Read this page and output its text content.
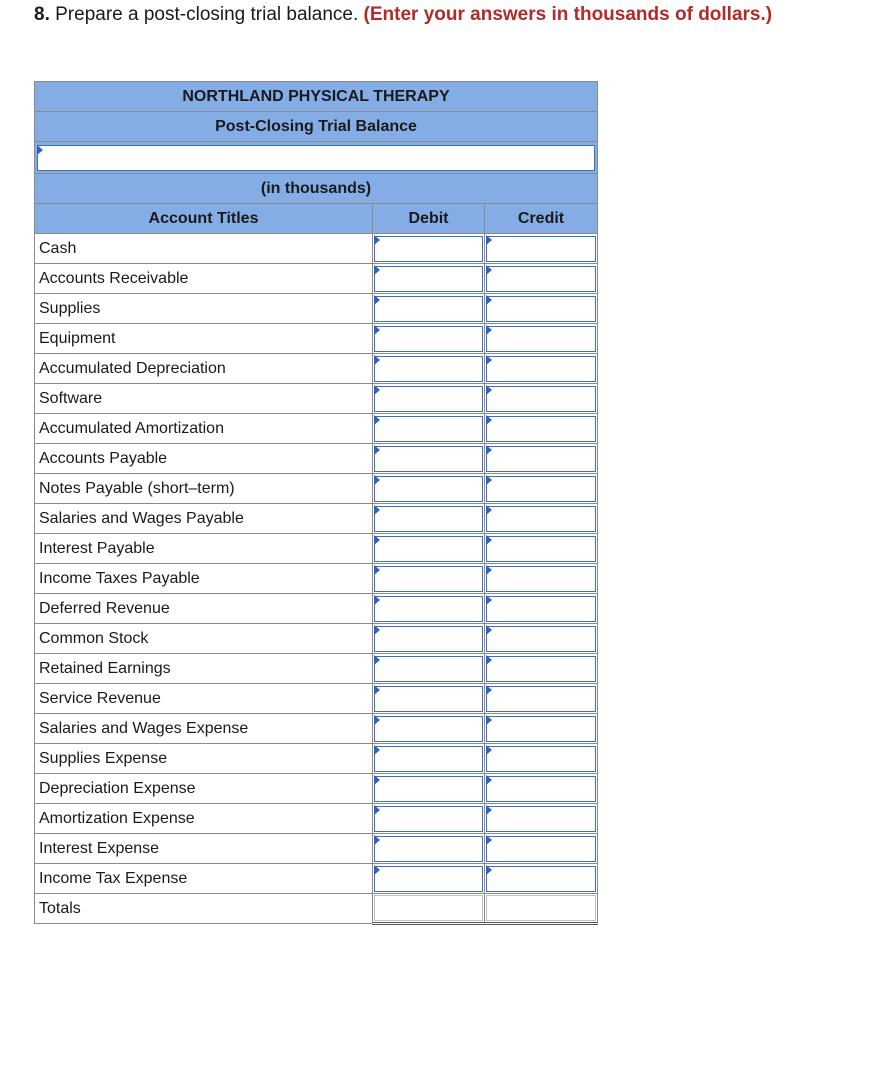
8. Prepare a post-closing trial balance. (Enter your answers in thousands of dollars.)
NORTHLAND PHYSICAL THERAPY		
Post-Closing Trial Balance		

(in thousands)		
Account Titles	Debit	Credit
Cash	

Accounts Receivable	

Supplies	

Equipment	

Accumulated Depreciation	

Software	

Accumulated Amortization	

Accounts Payable	

Notes Payable (short–term)	

Salaries and Wages Payable	

Interest Payable	

Income Taxes Payable	

Deferred Revenue	

Common Stock	

Retained Earnings	

Service Revenue	

Salaries and Wages Expense	

Supplies Expense	

Depreciation Expense	

Amortization Expense	

Interest Expense	

Income Tax Expense	

Totals		
